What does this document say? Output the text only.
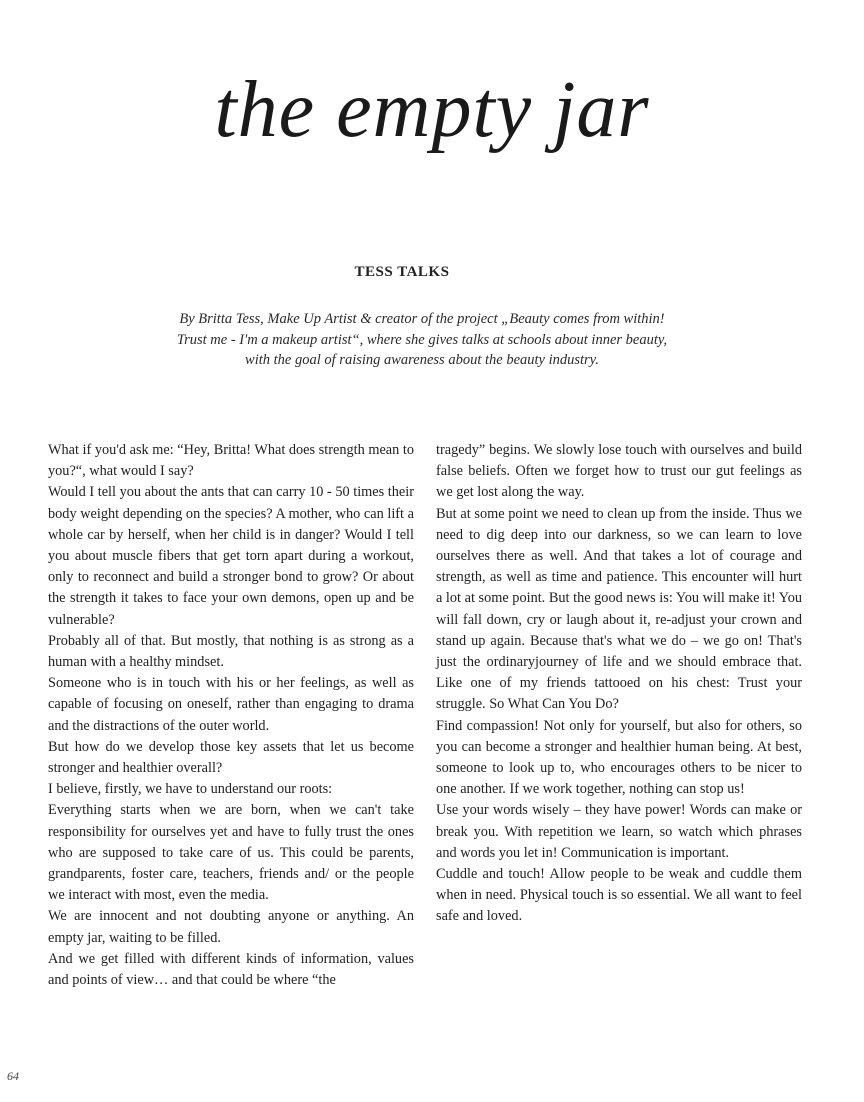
the empty jar
TESS TALKS

By Britta Tess, Make Up Artist & creator of the project „Beauty comes from within! Trust me - I'm a makeup artist“, where she gives talks at schools about inner beauty, with the goal of raising awareness about the beauty industry.

What if you'd ask me: “Hey, Britta! What does strength mean to you?“, what would I say?

Would I tell you about the ants that can carry 10 - 50 times their body weight depending on the species? A mother, who can lift a whole car by herself, when her child is in danger? Would I tell you about muscle fibers that get torn apart during a workout, only to reconnect and build a stronger bond to grow? Or about the strength it takes to face your own demons, open up and be vulnerable?

Probably all of that. But mostly, that nothing is as strong as a human with a healthy mindset.

Someone who is in touch with his or her feelings, as well as capable of focusing on oneself, rather than engaging to drama and the distractions of the outer world.

But how do we develop those key assets that let us become stronger and healthier overall?

I believe, firstly, we have to understand our roots:

Everything starts when we are born, when we can't take responsibility for ourselves yet and have to fully trust the ones who are supposed to take care of us. This could be parents, grandparents, foster care, teachers, friends and/ or the people we interact with most, even the media.

We are innocent and not doubting anyone or anything. An empty jar, waiting to be filled.

And we get filled with different kinds of information, values and points of view… and that could be where “the

tragedy” begins. We slowly lose touch with ourselves and build false beliefs. Often we forget how to trust our gut feelings as we get lost along the way.

But at some point we need to clean up from the inside. Thus we need to dig deep into our darkness, so we can learn to love ourselves there as well. And that takes a lot of courage and strength, as well as time and patience. This encounter will hurt a lot at some point. But the good news is: You will make it! You will fall down, cry or laugh about it, re-adjust your crown and stand up again. Because that's what we do – we go on! That's just the ordinaryjourney of life and we should embrace that. Like one of my friends tattooed on his chest: Trust your struggle. So What Can You Do?

Find compassion! Not only for yourself, but also for others, so you can become a stronger and healthier human being. At best, someone to look up to, who encourages others to be nicer to one another. If we work together, nothing can stop us!

Use your words wisely – they have power! Words can make or break you. With repetition we learn, so watch which phrases and words you let in! Communication is important.

Cuddle and touch! Allow people to be weak and cuddle them when in need. Physical touch is so essential. We all want to feel safe and loved.

64
